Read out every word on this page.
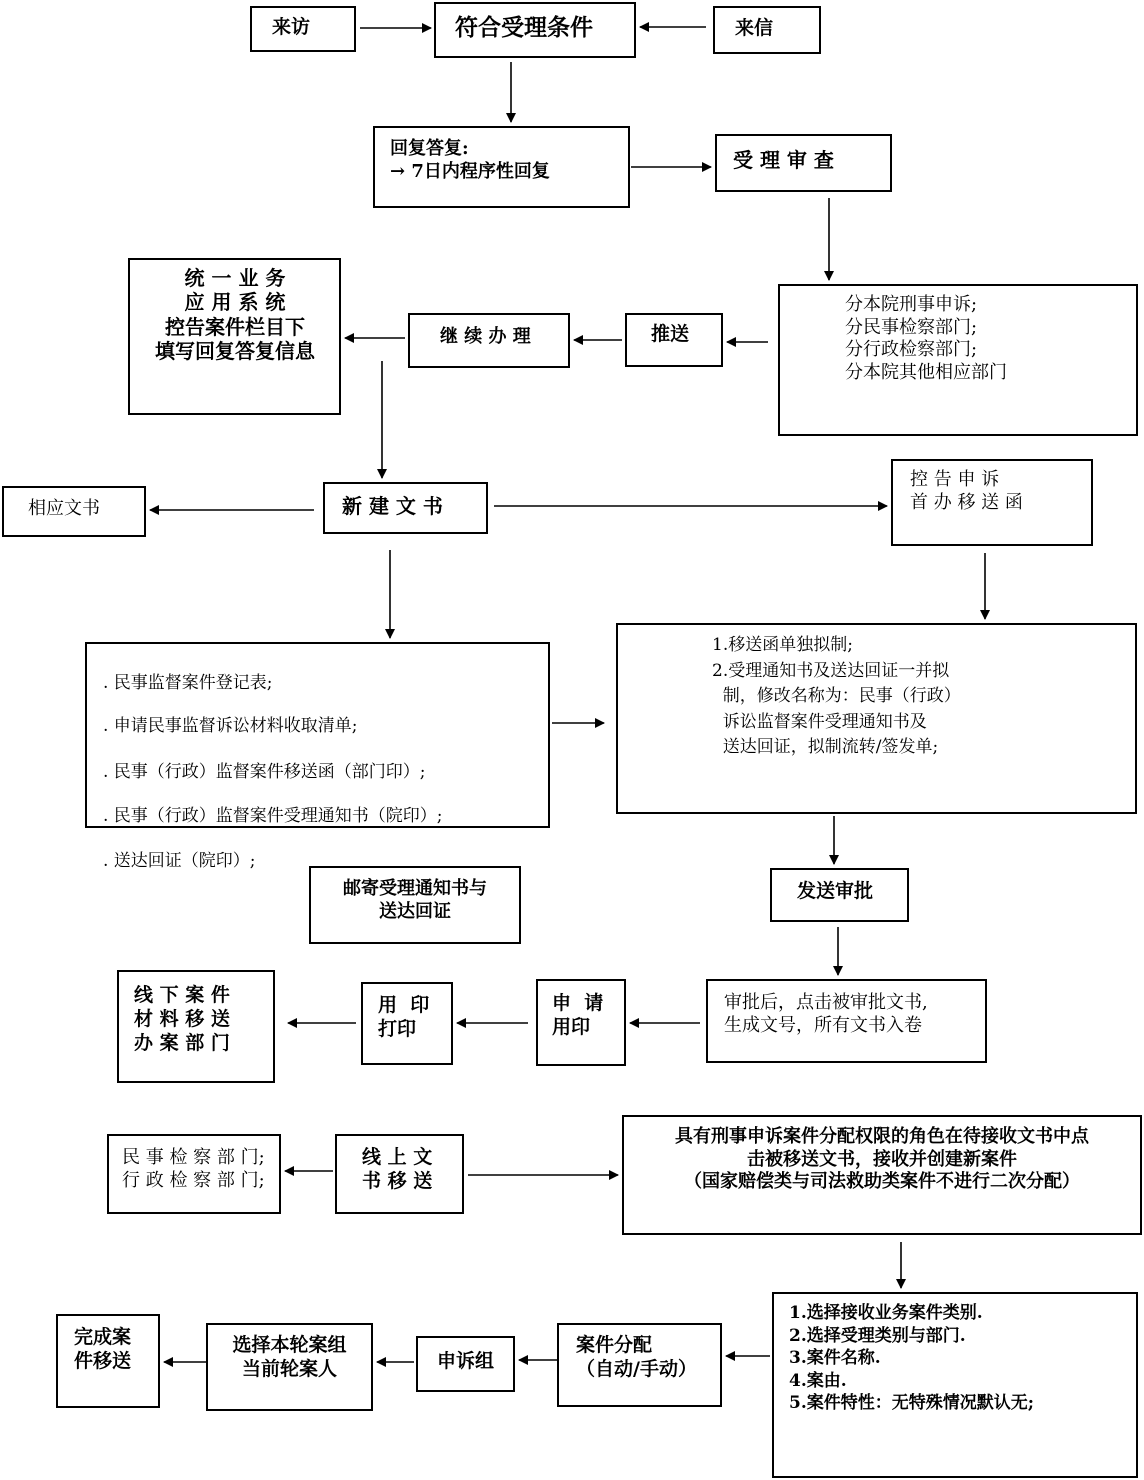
来访	符合受理条件	来信
回复答复:
→ 7日内程序性回复	受 理 审 查
分本院刑事申诉;
分民事检察部门;
分行政检察部门;
分本院其他相应部门
推送
继 续 办 理
统 一 业 务
应 用 系 统
控告案件栏目下
填写回复答复信息
新 建 文 书
相应文书
控 告 申 诉
首 办 移 送 函
. 民事监督案件登记表;
. 申请民事监督诉讼材料收取清单;
. 民事（行政）监督案件移送函（部门印）;
. 民事（行政）监督案件受理通知书（院印）;
. 送达回证（院印）;
邮寄受理通知书与
送达回证
1.移送函单独拟制;
2.受理通知书及送达回证一并拟
制，修改名称为：民事（行政）
诉讼监督案件受理通知书及
送达回证，拟制流转/签发单;
发送审批
审批后，点击被审批文书,
生成文号，所有文书入卷
申  请
用印
用  印
打印
线 下 案 件
材 料 移 送
办 案 部 门
线 上 文
书 移 送
民 事 检 察 部 门;
行 政 检 察 部 门;
具有刑事申诉案件分配权限的角色在待接收文书中点
击被移送文书，接收并创建新案件
（国家赔偿类与司法救助类案件不进行二次分配）
1.选择接收业务案件类别.
2.选择受理类别与部门.
3.案件名称.
4.案由.
5.案件特性：无特殊情况默认无;
案件分配
（自动/手动）
申诉组
选择本轮案组
当前轮案人
完成案
件移送
